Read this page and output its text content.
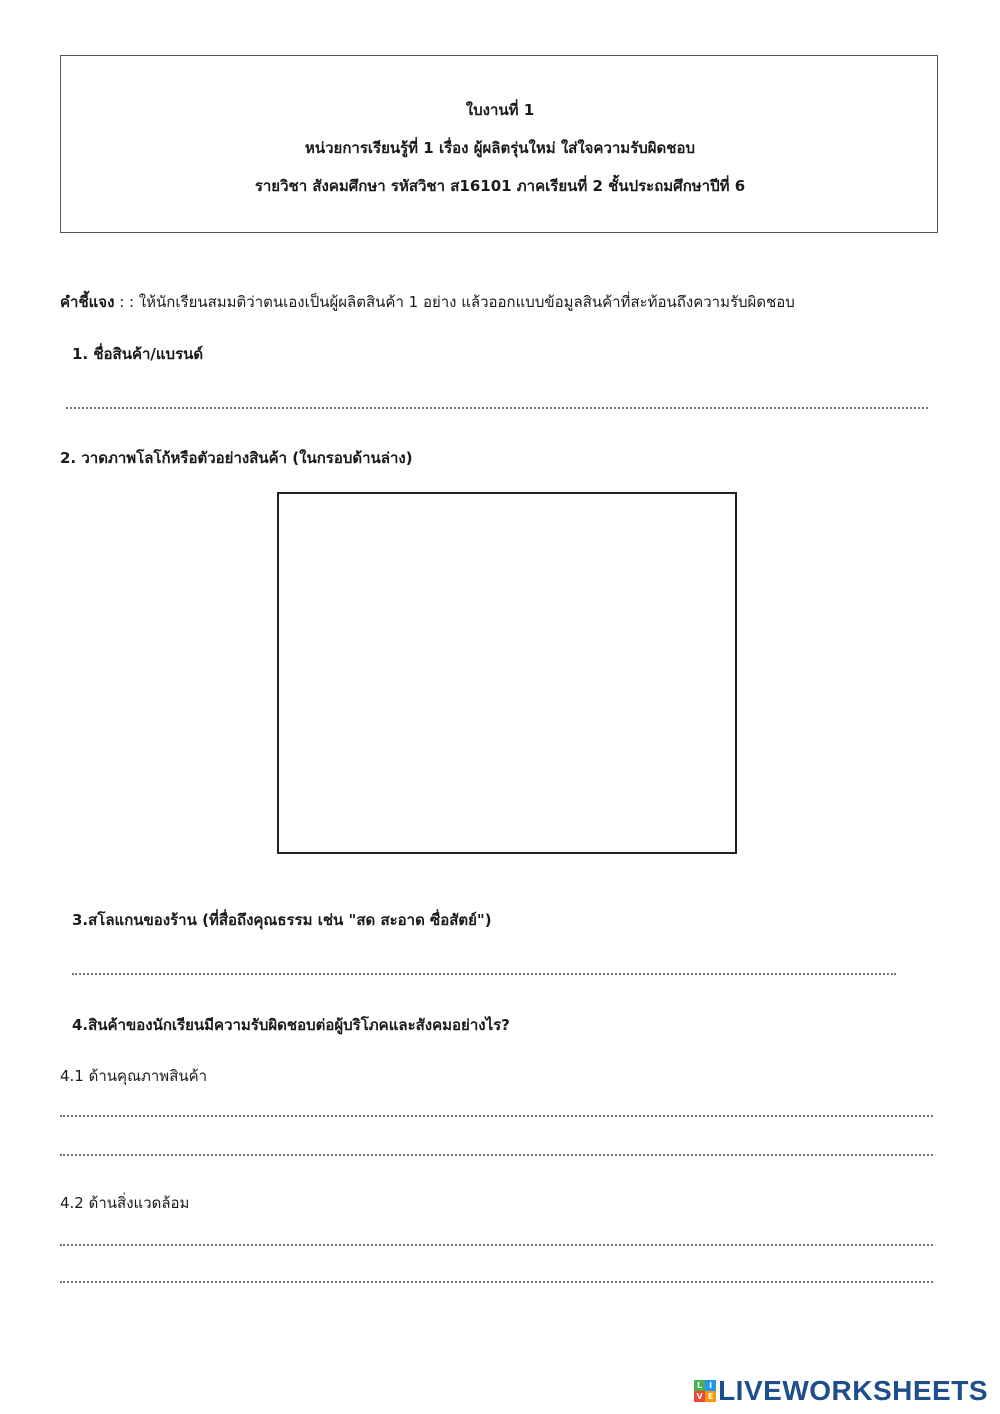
ใบงานที่ 1
หน่วยการเรียนรู้ที่ 1 เรื่อง ผู้ผลิตรุ่นใหม่ ใส่ใจความรับผิดชอบ
รายวิชา สังคมศึกษา รหัสวิชา ส16101 ภาคเรียนที่ 2 ชั้นประถมศึกษาปีที่ 6
คำชี้แจง : : ให้นักเรียนสมมติว่าตนเองเป็นผู้ผลิตสินค้า 1 อย่าง แล้วออกแบบข้อมูลสินค้าที่สะท้อนถึงความรับผิดชอบ
1. ชื่อสินค้า/แบรนด์
2. วาดภาพโลโก้หรือตัวอย่างสินค้า (ในกรอบด้านล่าง)
3.สโลแกนของร้าน (ที่สื่อถึงคุณธรรม เช่น "สด สะอาด ซื่อสัตย์")
4.สินค้าของนักเรียนมีความรับผิดชอบต่อผู้บริโภคและสังคมอย่างไร?
4.1 ด้านคุณภาพสินค้า
4.2 ด้านสิ่งแวดล้อม
L I
V E LIVEWORKSHEETS
